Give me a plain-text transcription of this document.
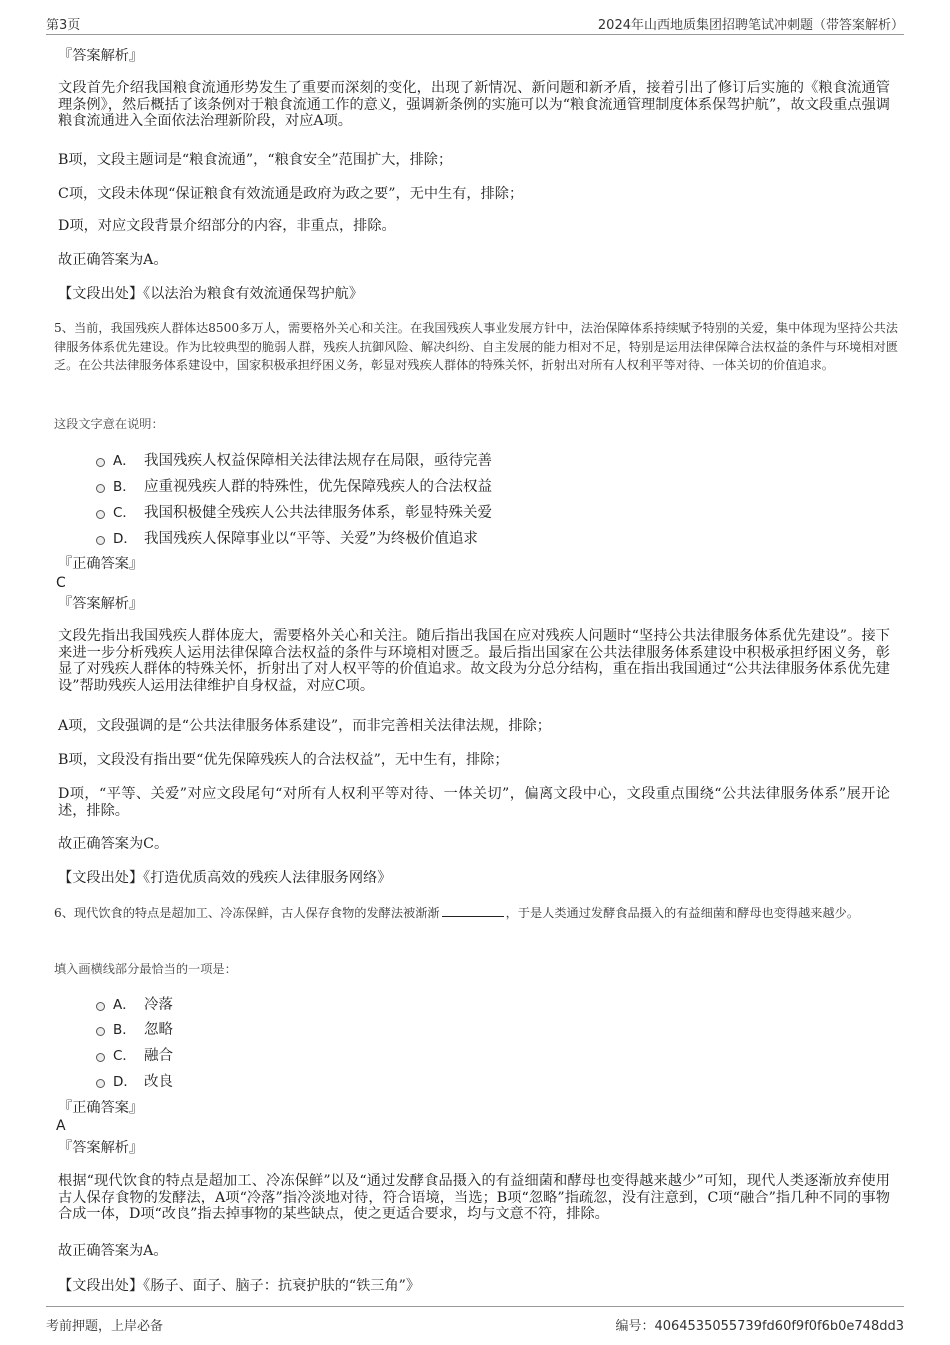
第3页	2024年山西地质集团招聘笔试冲刺题（带答案解析）
『答案解析』
文段首先介绍我国粮食流通形势发生了重要而深刻的变化，出现了新情况、新问题和新矛盾，接着引出了修订后实施的《粮食流通管理条例》，然后概括了该条例对于粮食流通工作的意义，强调新条例的实施可以为“粮食流通管理制度体系保驾护航”，故文段重点强调粮食流通进入全面依法治理新阶段，对应A项。
B项，文段主题词是“粮食流通”，“粮食安全”范围扩大，排除；
C项，文段未体现“保证粮食有效流通是政府为政之要”，无中生有，排除；
D项，对应文段背景介绍部分的内容，非重点，排除。
故正确答案为A。
【文段出处】《以法治为粮食有效流通保驾护航》
5、当前，我国残疾人群体达8500多万人，需要格外关心和关注。在我国残疾人事业发展方针中，法治保障体系持续赋予特别的关爱，集中体现为坚持公共法律服务体系优先建设。作为比较典型的脆弱人群，残疾人抗御风险、解决纠纷、自主发展的能力相对不足，特别是运用法律保障合法权益的条件与环境相对匮乏。在公共法律服务体系建设中，国家积极承担纾困义务，彰显对残疾人群体的特殊关怀，折射出对所有人权利平等对待、一体关切的价值追求。
这段文字意在说明：
A． 我国残疾人权益保障相关法律法规存在局限，亟待完善
B． 应重视残疾人群的特殊性，优先保障残疾人的合法权益
C． 我国积极健全残疾人公共法律服务体系，彰显特殊关爱
D． 我国残疾人保障事业以“平等、关爱”为终极价值追求
『正确答案』
C
『答案解析』
文段先指出我国残疾人群体庞大，需要格外关心和关注。随后指出我国在应对残疾人问题时“坚持公共法律服务体系优先建设”。接下来进一步分析残疾人运用法律保障合法权益的条件与环境相对匮乏。最后指出国家在公共法律服务体系建设中积极承担纾困义务，彰显了对残疾人群体的特殊关怀，折射出了对人权平等的价值追求。故文段为分总分结构，重在指出我国通过“公共法律服务体系优先建设”帮助残疾人运用法律维护自身权益，对应C项。
A项，文段强调的是“公共法律服务体系建设”，而非完善相关法律法规，排除；
B项，文段没有指出要“优先保障残疾人的合法权益”，无中生有，排除；
D项，“平等、关爱”对应文段尾句“对所有人权利平等对待、一体关切”，偏离文段中心，文段重点围绕“公共法律服务体系”展开论述，排除。
故正确答案为C。
【文段出处】《打造优质高效的残疾人法律服务网络》
6、现代饮食的特点是超加工、冷冻保鲜，古人保存食物的发酵法被渐渐	，于是人类通过发酵食品摄入的有益细菌和酵母也变得越来越少。
填入画横线部分最恰当的一项是：
A． 冷落
B． 忽略
C． 融合
D． 改良
『正确答案』
A
『答案解析』
根据“现代饮食的特点是超加工、冷冻保鲜”以及“通过发酵食品摄入的有益细菌和酵母也变得越来越少”可知，现代人类逐渐放弃使用古人保存食物的发酵法，A项“冷落”指冷淡地对待，符合语境，当选；B项“忽略”指疏忽，没有注意到，C项“融合”指几种不同的事物合成一体，D项“改良”指去掉事物的某些缺点，使之更适合要求，均与文意不符，排除。
故正确答案为A。
【文段出处】《肠子、面子、脑子：抗衰护肤的“铁三角”》
考前押题，上岸必备	编号：4064535055739fd60f9f0f6b0e748dd3
